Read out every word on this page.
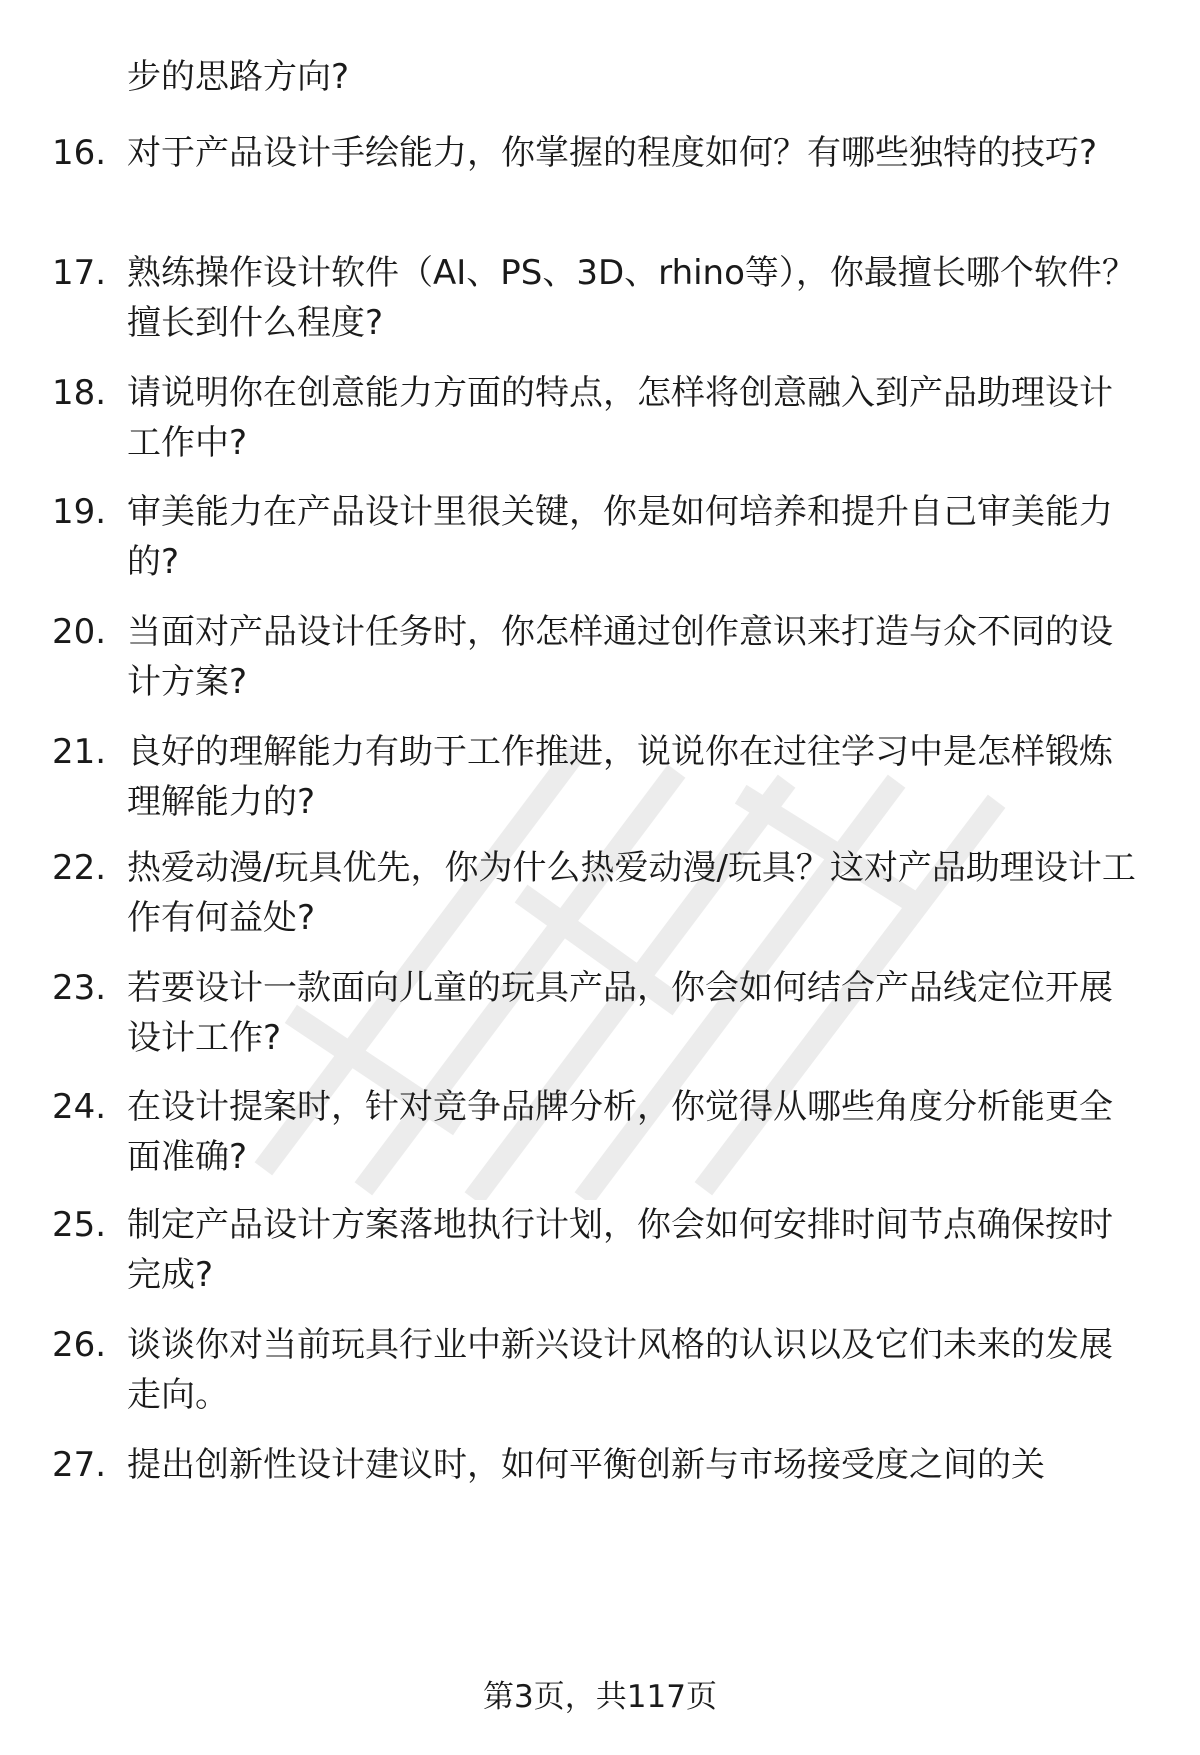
步的思路方向?
16. 对于产品设计手绘能力，你掌握的程度如何？有哪些独特的技巧?
17. 熟练操作设计软件（AI、PS、3D、rhino等），你最擅长哪个软件？擅长到什么程度?
18. 请说明你在创意能力方面的特点，怎样将创意融入到产品助理设计工作中?
19. 审美能力在产品设计里很关键，你是如何培养和提升自己审美能力的?
20. 当面对产品设计任务时，你怎样通过创作意识来打造与众不同的设计方案?
21. 良好的理解能力有助于工作推进，说说你在过往学习中是怎样锻炼理解能力的?
22. 热爱动漫/玩具优先，你为什么热爱动漫/玩具？这对产品助理设计工作有何益处?
23. 若要设计一款面向儿童的玩具产品，你会如何结合产品线定位开展设计工作?
24. 在设计提案时，针对竞争品牌分析，你觉得从哪些角度分析能更全面准确?
25. 制定产品设计方案落地执行计划，你会如何安排时间节点确保按时完成?
26. 谈谈你对当前玩具行业中新兴设计风格的认识以及它们未来的发展走向。
27. 提出创新性设计建议时，如何平衡创新与市场接受度之间的关
第3页，共117页
